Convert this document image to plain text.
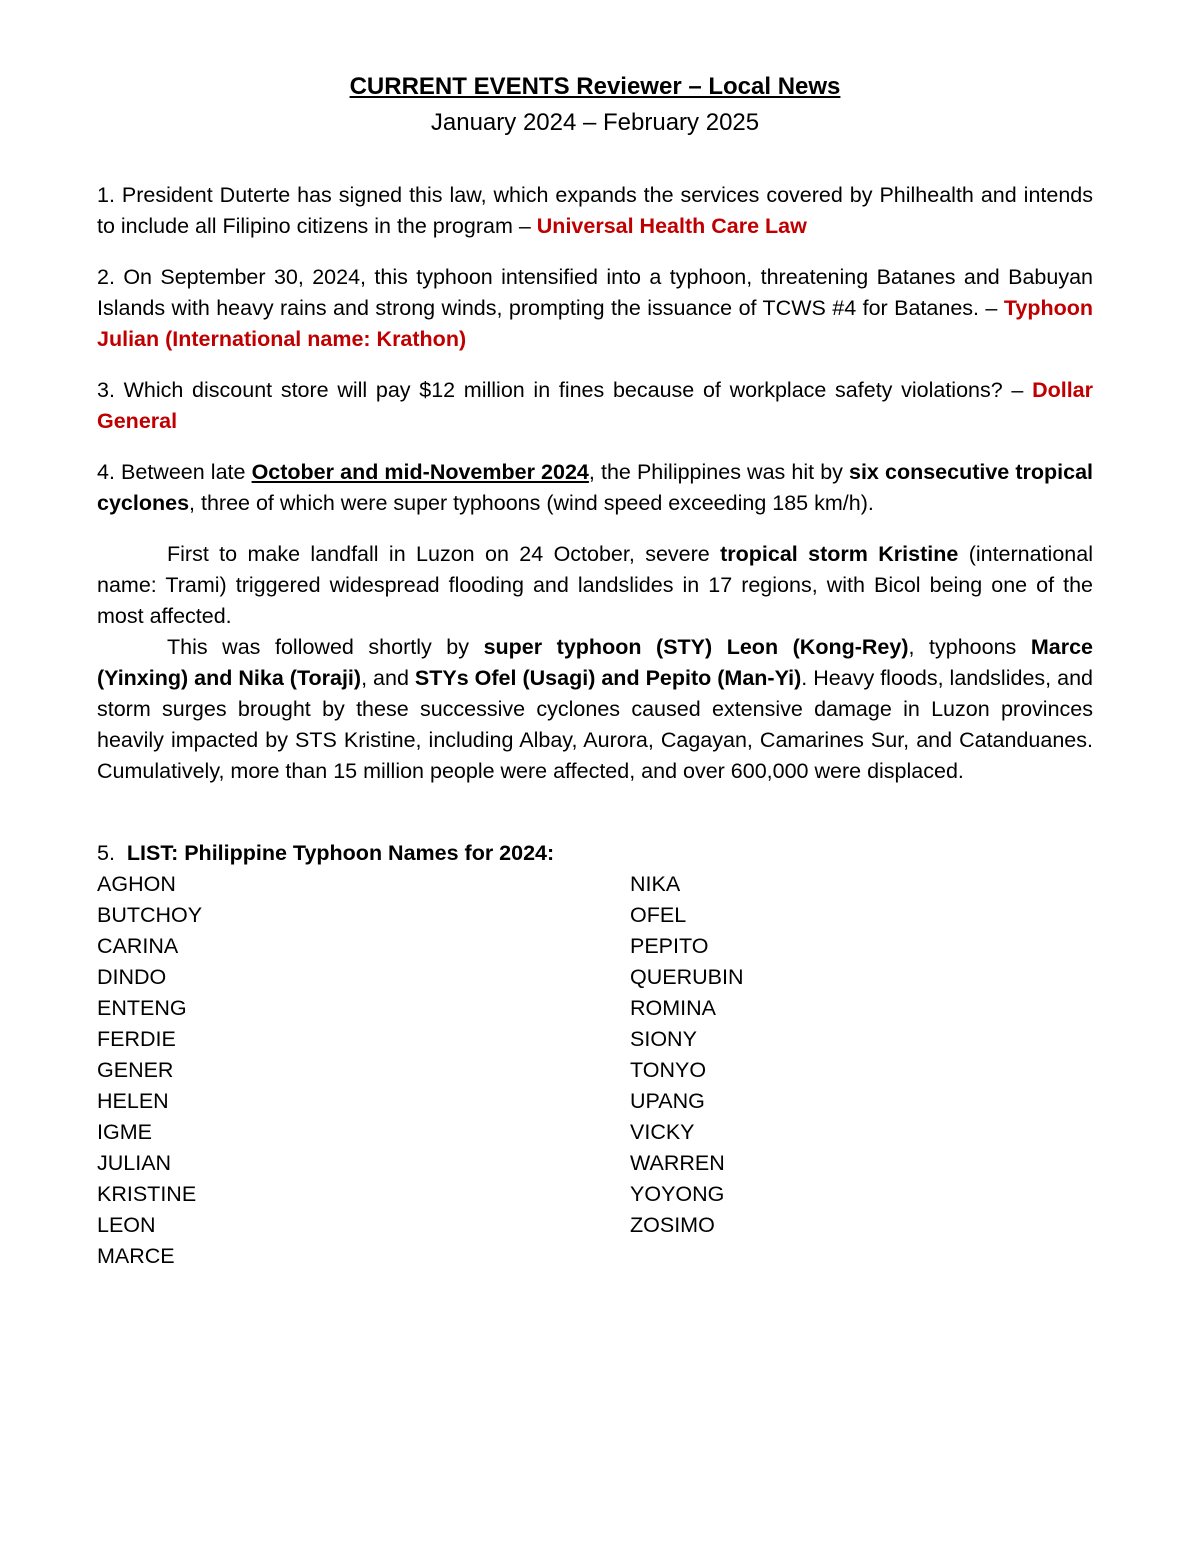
CURRENT EVENTS Reviewer – Local News

January 2024 – February 2025

1. President Duterte has signed this law, which expands the services covered by Philhealth and intends to include all Filipino citizens in the program – Universal Health Care Law

2. On September 30, 2024, this typhoon intensified into a typhoon, threatening Batanes and Babuyan Islands with heavy rains and strong winds, prompting the issuance of TCWS #4 for Batanes. – Typhoon Julian (International name: Krathon)

3. Which discount store will pay $12 million in fines because of workplace safety violations? – Dollar General

4. Between late October and mid-November 2024, the Philippines was hit by six consecutive tropical cyclones, three of which were super typhoons (wind speed exceeding 185 km/h).

First to make landfall in Luzon on 24 October, severe tropical storm Kristine (international name: Trami) triggered widespread flooding and landslides in 17 regions, with Bicol being one of the most affected.

This was followed shortly by super typhoon (STY) Leon (Kong-Rey), typhoons Marce (Yinxing) and Nika (Toraji), and STYs Ofel (Usagi) and Pepito (Man-Yi). Heavy floods, landslides, and storm surges brought by these successive cyclones caused extensive damage in Luzon provinces heavily impacted by STS Kristine, including Albay, Aurora, Cagayan, Camarines Sur, and Catanduanes. Cumulatively, more than 15 million people were affected, and over 600,000 were displaced.

5.  LIST: Philippine Typhoon Names for 2024:

AGHON
BUTCHOY
CARINA
DINDO
ENTENG
FERDIE
GENER
HELEN
IGME
JULIAN
KRISTINE
LEON
MARCE
NIKA
OFEL
PEPITO
QUERUBIN
ROMINA
SIONY
TONYO
UPANG
VICKY
WARREN
YOYONG
ZOSIMO
